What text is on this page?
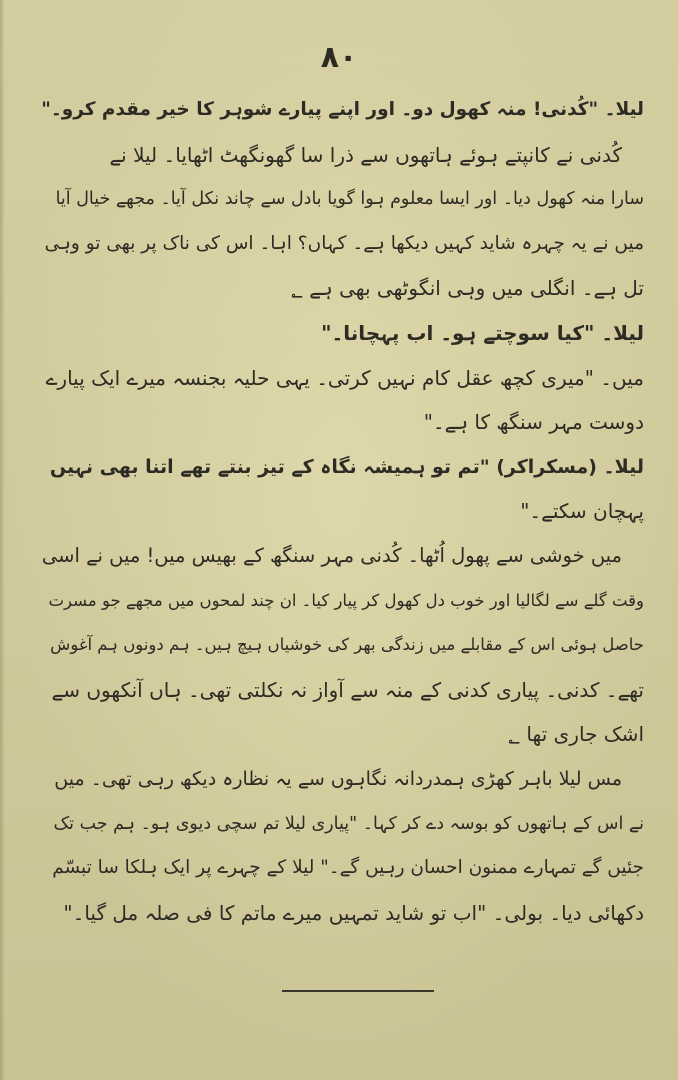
۸۰
لیلا۔ "کُدنی! منہ کھول دو۔ اور اپنے پیارے شوہر کا خیر مقدم کرو۔"
کُدنی نے کانپتے ہوئے ہاتھوں سے ذرا سا گھونگھٹ اٹھایا۔ لیلا نے
سارا منہ کھول دیا۔ اور ایسا معلوم ہوا گویا بادل سے چاند نکل آیا۔ مجھے خیال آیا
میں نے یہ چہرہ شاید کہیں دیکھا ہے۔ کہاں؟ اہا۔ اس کی ناک پر بھی تو وہی
تل ہے۔ انگلی میں وہی انگوٹھی بھی ہے ؂
لیلا۔ "کیا سوچتے ہو۔ اب پہچانا۔"
میں۔ "میری کچھ عقل کام نہیں کرتی۔ یہی حلیہ بجنسہ میرے ایک پیارے
دوست مہر سنگھ کا ہے۔"
لیلا۔ (مسکراکر) "تم تو ہمیشہ نگاہ کے تیز بنتے تھے اتنا بھی نہیں
پہچان سکتے۔"
میں خوشی سے پھول اُٹھا۔ کُدنی مہر سنگھ کے بھیس میں! میں نے اسی
وقت گلے سے لگالیا اور خوب دل کھول کر پیار کیا۔ ان چند لمحوں میں مجھے جو مسرت
حاصل ہوئی اس کے مقابلے میں زندگی بھر کی خوشیاں ہیچ ہیں۔ ہم دونوں ہم آغوش
تھے۔ کدنی۔ پیاری کدنی کے منہ سے آواز نہ نکلتی تھی۔ ہاں آنکھوں سے
اشک جاری تھا ؂
مس لیلا باہر کھڑی ہمدردانہ نگاہوں سے یہ نظارہ دیکھ رہی تھی۔ میں
نے اس کے ہاتھوں کو بوسہ دے کر کہا۔ "پیاری لیلا تم سچی دیوی ہو۔ ہم جب تک
جئیں گے تمہارے ممنون احسان رہیں گے۔" لیلا کے چہرے پر ایک ہلکا سا تبسّم
دکھائی دیا۔ بولی۔ "اب تو شاید تمہیں میرے ماتم کا فی صلہ مل گیا۔"
